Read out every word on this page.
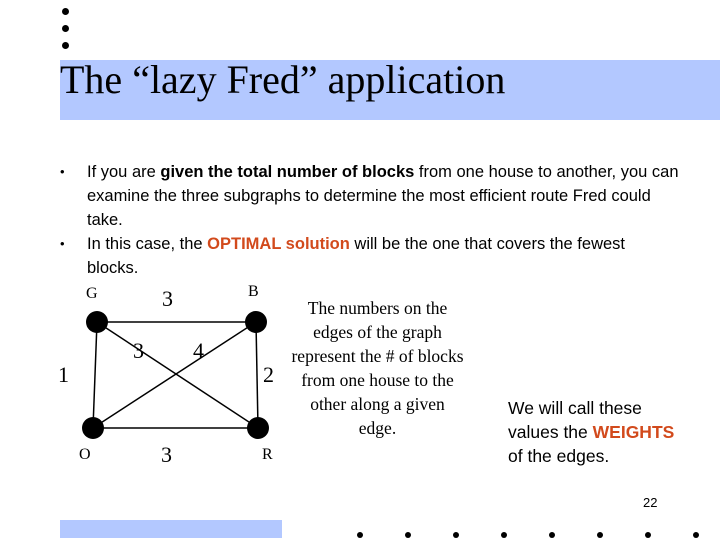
The “lazy Fred” application
• If you are given the total number of blocks from one house to another, you can examine the three subgraphs to determine the most efficient route Fred could take.
• In this case, the OPTIMAL solution will be the one that covers the fewest blocks.
G	B
O	R
3
1	2
3
3 4
The numbers on the edges of the graph represent the # of blocks from one house to the other along a given edge.
We will call these values the WEIGHTS of the edges.
22
